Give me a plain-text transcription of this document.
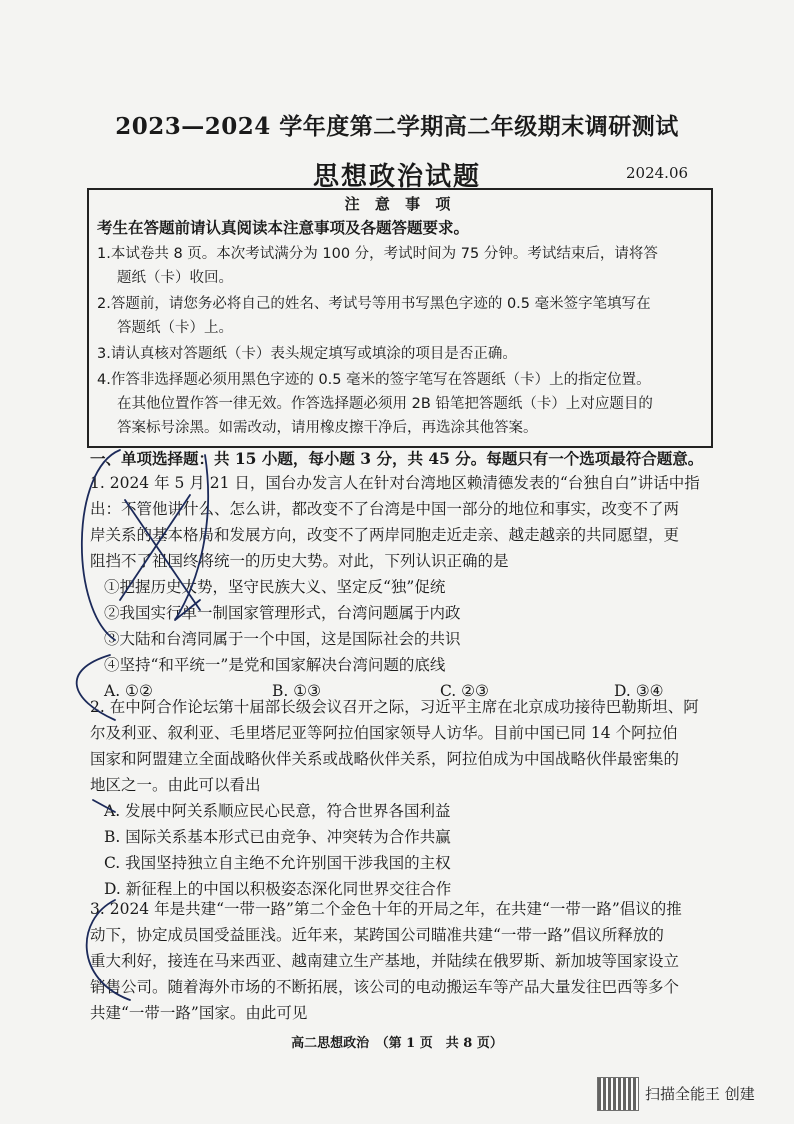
2023—2024 学年度第二学期高二年级期末调研测试
思想政治试题	2024.06
注 意 事 项
考生在答题前请认真阅读本注意事项及各题答题要求。
1.本试卷共 8 页。本次考试满分为 100 分，考试时间为 75 分钟。考试结束后，请将答
题纸（卡）收回。
2.答题前，请您务必将自己的姓名、考试号等用书写黑色字迹的 0.5 毫米签字笔填写在
答题纸（卡）上。
3.请认真核对答题纸（卡）表头规定填写或填涂的项目是否正确。
4.作答非选择题必须用黑色字迹的 0.5 毫米的签字笔写在答题纸（卡）上的指定位置。
在其他位置作答一律无效。作答选择题必须用 2B 铅笔把答题纸（卡）上对应题目的
答案标号涂黑。如需改动，请用橡皮擦干净后，再选涂其他答案。
一、单项选择题：共 15 小题，每小题 3 分，共 45 分。每题只有一个选项最符合题意。
1. 2024 年 5 月 21 日，国台办发言人在针对台湾地区赖清德发表的“台独自白”讲话中指
出：不管他讲什么、怎么讲，都改变不了台湾是中国一部分的地位和事实，改变不了两
岸关系的基本格局和发展方向，改变不了两岸同胞走近走亲、越走越亲的共同愿望，更
阻挡不了祖国终将统一的历史大势。对此，下列认识正确的是
①把握历史大势，坚守民族大义、坚定反“独”促统
②我国实行单一制国家管理形式，台湾问题属于内政
③大陆和台湾同属于一个中国，这是国际社会的共识
④坚持“和平统一”是党和国家解决台湾问题的底线
A. ①②	B. ①③	C. ②③	D. ③④
2. 在中阿合作论坛第十届部长级会议召开之际，习近平主席在北京成功接待巴勒斯坦、阿
尔及利亚、叙利亚、毛里塔尼亚等阿拉伯国家领导人访华。目前中国已同 14 个阿拉伯
国家和阿盟建立全面战略伙伴关系或战略伙伴关系，阿拉伯成为中国战略伙伴最密集的
地区之一。由此可以看出
A. 发展中阿关系顺应民心民意，符合世界各国利益
B. 国际关系基本形式已由竞争、冲突转为合作共赢
C. 我国坚持独立自主绝不允许别国干涉我国的主权
D. 新征程上的中国以积极姿态深化同世界交往合作
3. 2024 年是共建“一带一路”第二个金色十年的开局之年，在共建“一带一路”倡议的推
动下，协定成员国受益匪浅。近年来，某跨国公司瞄准共建“一带一路”倡议所释放的
重大利好，接连在马来西亚、越南建立生产基地，并陆续在俄罗斯、新加坡等国家设立
销售公司。随着海外市场的不断拓展，该公司的电动搬运车等产品大量发往巴西等多个
共建“一带一路”国家。由此可见
高二思想政治　（第 1 页　共 8 页）
扫描全能王 创建
